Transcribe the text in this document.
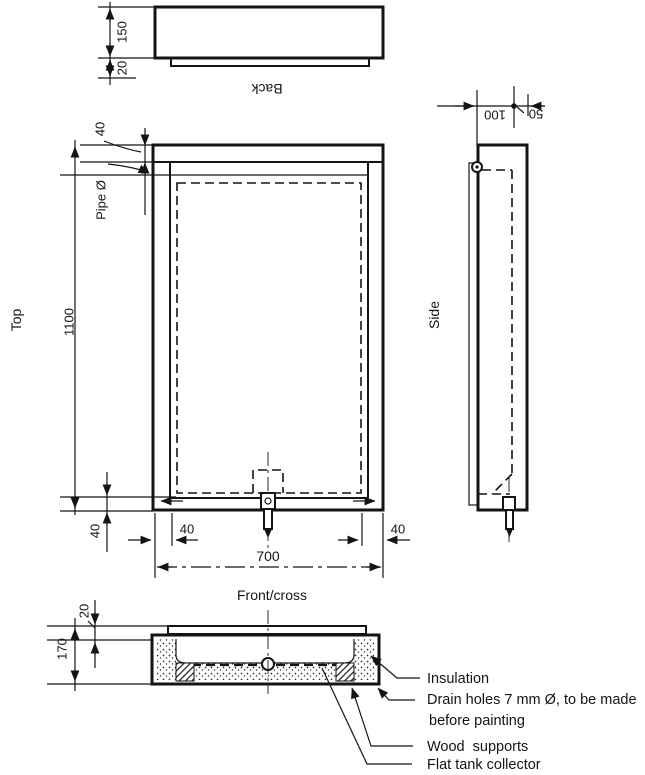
150
20
Back
40
Pipe Ø
1100
Top
40	40	40
700
Front/cross
100 50
Side
20
170
Insulation
Drain holes 7 mm Ø, to be made
before painting
Wood  supports
Flat tank collector
